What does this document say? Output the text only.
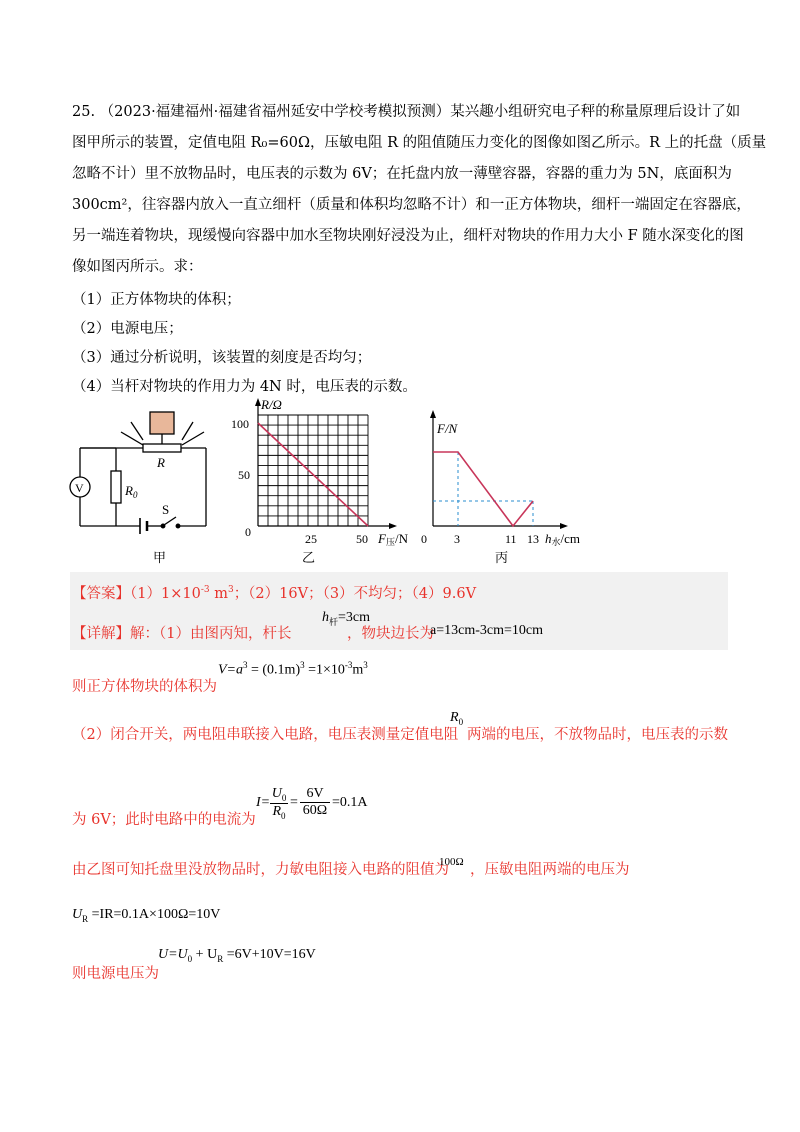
25. （2023·福建福州·福建省福州延安中学校考模拟预测）某兴趣小组研究电子秤的称量原理后设计了如
图甲所示的装置，定值电阻 R₀=60Ω，压敏电阻 R 的阻值随压力变化的图像如图乙所示。R 上的托盘（质量
忽略不计）里不放物品时，电压表的示数为 6V；在托盘内放一薄壁容器，容器的重力为 5N，底面积为
300cm²，往容器内放入一直立细杆（质量和体积均忽略不计）和一正方体物块，细杆一端固定在容器底，
另一端连着物块，现缓慢向容器中加水至物块刚好浸没为止，细杆对物块的作用力大小 F 随水深变化的图
像如图丙所示。求：
（1）正方体物块的体积；
（2）电源电压；
（3）通过分析说明，该装置的刻度是否均匀；
（4）当杆对物块的作用力为 4N 时，电压表的示数。
V
R
$R_0$
S
甲
R/Ω
100
50
0	25	50 F压/N
乙
F/N
0 3	11 13 h水/cm
丙
【答案】$(1)1\times 10^{-3}$ $m^3$；（2）16V；（3）不均匀；（4）9.6V
【详解】解：（1）由图丙知，杆长
$h_杆=3cm$
，物块边长为
a=13cm-3cm=10cm
$V=a^3 = (0.1m)^3 =1\times 10^{-3}m^3$
则正方体物块的体积为
（2）闭合开关，两电阻串联接入电路，电压表测量定值电阻
$R_0$
两端的电压，不放物品时，电压表的示数
为 6V；此时电路中的电流为
I=
$U_0$
$R_0$
=
6V
60Ω
=0.1A
由乙图可知托盘里没放物品时，力敏电阻接入电路的阻值为
100Ω ，压敏电阻两端的电压为
$U_R =IR=0.1A\times 100\Omega=10V$
$U=U_0 + U_R =6V+10V=16V$
则电源电压为
